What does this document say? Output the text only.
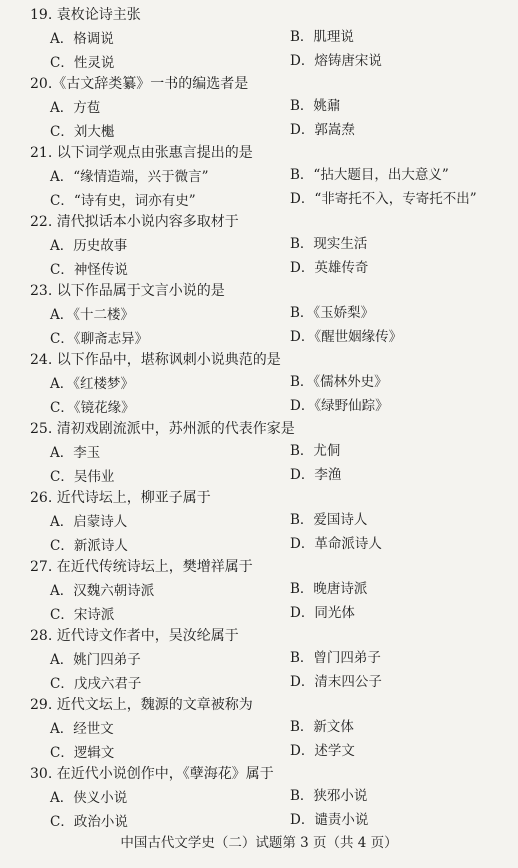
19. 袁枚论诗主张
A．格调说	B．肌理说
C．性灵说	D．熔铸唐宋说
20.《古文辞类纂》一书的编选者是
A．方苞	B．姚鼐
C．刘大櫆	D．郭嵩焘
21. 以下词学观点由张惠言提出的是
A．“缘情造端，兴于微言”	B．“拈大题目，出大意义”
C．“诗有史，词亦有史”	D．“非寄托不入，专寄托不出”
22. 清代拟话本小说内容多取材于
A．历史故事	B．现实生活
C．神怪传说	D．英雄传奇
23. 以下作品属于文言小说的是
A．《十二楼》	B．《玉娇梨》
C．《聊斋志异》	D．《醒世姻缘传》
24. 以下作品中，堪称讽刺小说典范的是
A．《红楼梦》	B．《儒林外史》
C．《镜花缘》	D．《绿野仙踪》
25. 清初戏剧流派中，苏州派的代表作家是
A．李玉	B．尤侗
C．吴伟业	D．李渔
26. 近代诗坛上，柳亚子属于
A．启蒙诗人	B．爱国诗人
C．新派诗人	D．革命派诗人
27. 在近代传统诗坛上，樊增祥属于
A．汉魏六朝诗派	B．晚唐诗派
C．宋诗派	D．同光体
28. 近代诗文作者中，吴汝纶属于
A．姚门四弟子	B．曾门四弟子
C．戊戌六君子	D．清末四公子
29. 近代文坛上，魏源的文章被称为
A．经世文	B．新文体
C．逻辑文	D．述学文
30. 在近代小说创作中，《孽海花》属于
A．侠义小说	B．狭邪小说
C．政治小说	D．谴责小说
中国古代文学史（二）试题第 3 页（共 4 页）
